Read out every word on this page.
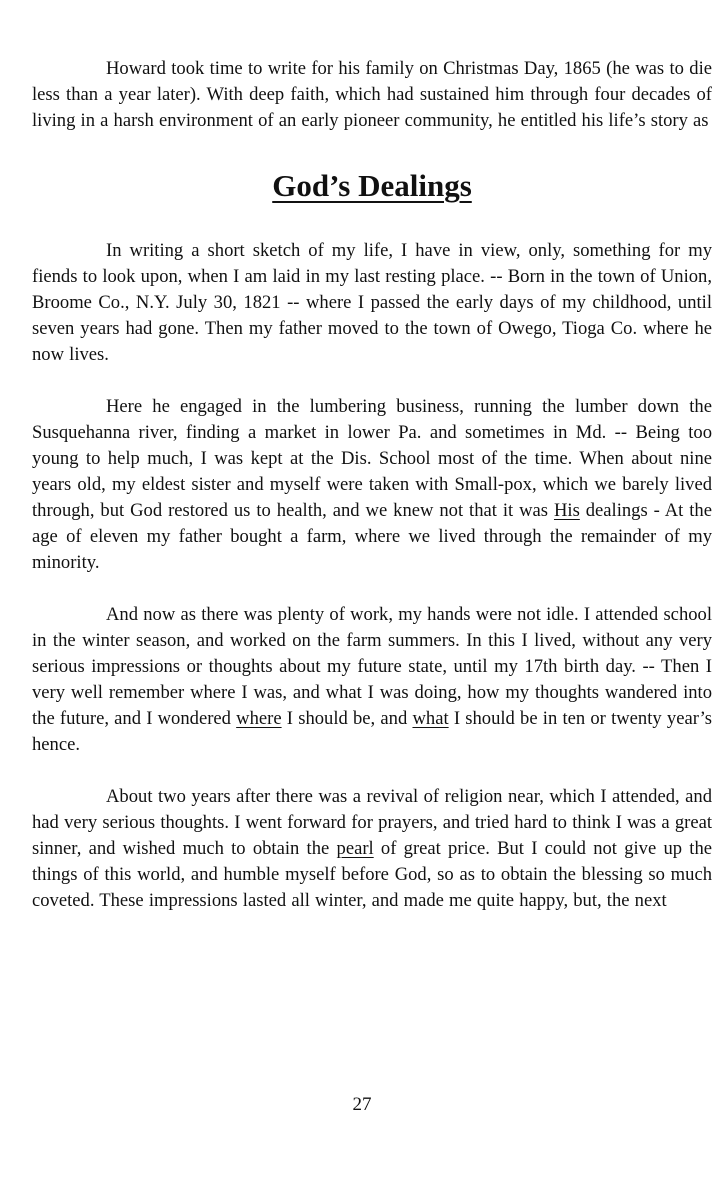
Howard took time to write for his family on Christmas Day, 1865 (he was to die less than a year later). With deep faith, which had sustained him through four decades of living in a harsh environment of an early pioneer community, he entitled his life’s story as

God’s Dealings

In writing a short sketch of my life, I have in view, only, something for my fiends to look upon, when I am laid in my last resting place. -- Born in the town of Union, Broome Co., N.Y. July 30, 1821 -- where I passed the early days of my childhood, until seven years had gone. Then my father moved to the town of Owego, Tioga Co. where he now lives.

Here he engaged in the lumbering business, running the lumber down the Susquehanna river, finding a market in lower Pa. and sometimes in Md. -- Being too young to help much, I was kept at the Dis. School most of the time. When about nine years old, my eldest sister and myself were taken with Small-pox, which we barely lived through, but God restored us to health, and we knew not that it was His dealings - At the age of eleven my father bought a farm, where we lived through the remainder of my minority.

And now as there was plenty of work, my hands were not idle. I attended school in the winter season, and worked on the farm summers. In this I lived, without any very serious impressions or thoughts about my future state, until my 17th birth day. -- Then I very well remember where I was, and what I was doing, how my thoughts wandered into the future, and I wondered where I should be, and what I should be in ten or twenty year’s hence.

About two years after there was a revival of religion near, which I attended, and had very serious thoughts. I went forward for prayers, and tried hard to think I was a great sinner, and wished much to obtain the pearl of great price. But I could not give up the things of this world, and humble myself before God, so as to obtain the blessing so much coveted. These impressions lasted all winter, and made me quite happy, but, the next

27
